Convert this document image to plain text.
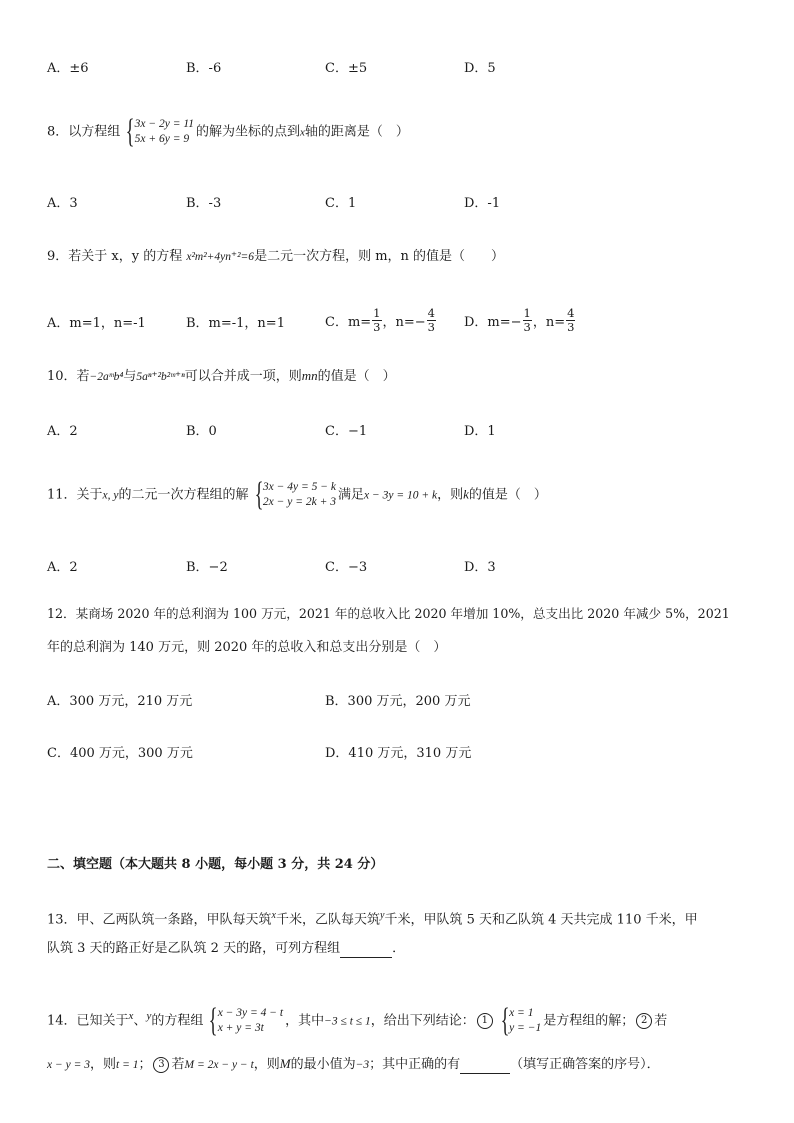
A．±6	B．-6	C．±5	D．5
8．以方程组 { 3x − 2y = 11
5x + 6y = 9 的解为坐标的点到x轴的距离是（　）
A．3	B．-3	C．1	D．-1
9．若关于 x，y 的方程 x²m²+4yn⁺²=6是二元一次方程，则 m，n 的值是（　　）
A．m=1，n=-1	B．m=-1，n=1	C．$m= \frac{1}{3}$ ，$n=- \frac{4}{3}$ D．$m=- \frac{1}{3}$ ，$n= \frac{4}{3}$
10．若−2aᵐb⁴与5aⁿ⁺²b²ᵐ⁺ⁿ可以合并成一项，则mn的值是（　）
A．2	B．0	C．−1	D．1
11．关于x, y的二元一次方程组的解 { 3x − 4y = 5 − k
2x − y = 2k + 3 满足x − 3y = 10 + k，则k的值是（　）
A．2	B．−2	C．−3	D．3
12．某商场 2020 年的总利润为 100 万元，2021 年的总收入比 2020 年增加 10%，总支出比 2020 年减少 5%，2021
年的总利润为 140 万元，则 2020 年的总收入和总支出分别是（　）
A．300 万元，210 万元	B．300 万元，200 万元
C．400 万元，300 万元	D．410 万元，310 万元
二、填空题（本大题共 8 小题，每小题 3 分，共 24 分）
13．甲、乙两队筑一条路，甲队每天筑$^x$千米，乙队每天筑$^y$千米，甲队筑 5 天和乙队筑 4 天共完成 110 千米，甲
队筑 3 天的路正好是乙队筑 2 天的路，可列方程组	．
14．已知关于$^x$、$^y$的方程组 { x − 3y = 4 − t
x + y = 3t	，其中−3 ≤ t ≤ 1，给出下列结论： 1 { x = 1
y = −1 是方程组的解； 2 若
x − y = 3，则t = 1； 3 若M = 2x − y − t，则M的最小值为−3；其中正确的有	（填写正确答案的序号）．
